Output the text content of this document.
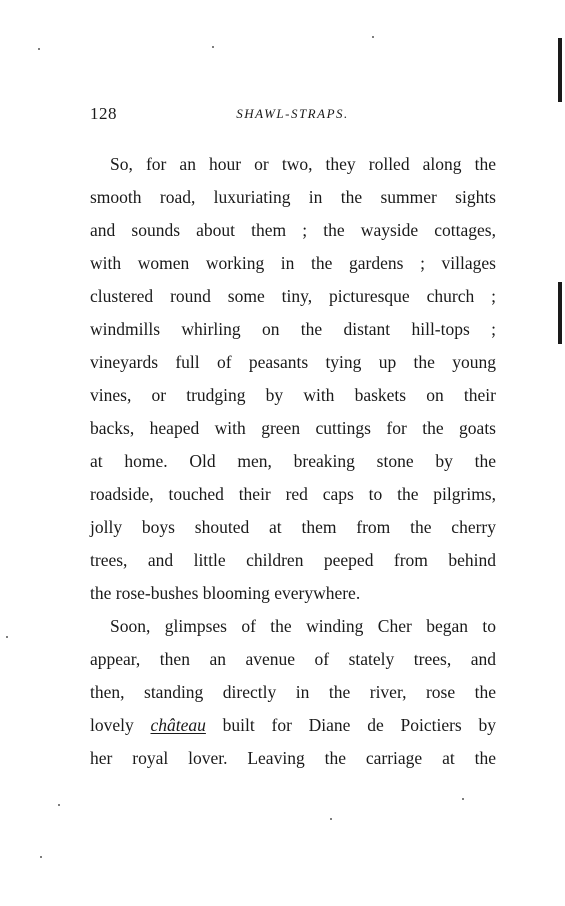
128	SHAWL-STRAPS.
So, for an hour or two, they rolled along the
smooth road, luxuriating in the summer sights
and sounds about them ; the wayside cottages,
with women working in the gardens ; villages
clustered round some tiny, picturesque church ;
windmills whirling on the distant hill-tops ;
vineyards full of peasants tying up the young
vines, or trudging by with baskets on their
backs, heaped with green cuttings for the goats
at home. Old men, breaking stone by the
roadside, touched their red caps to the pilgrims,
jolly boys shouted at them from the cherry
trees, and little children peeped from behind
the rose-bushes blooming everywhere.
Soon, glimpses of the winding Cher began to
appear, then an avenue of stately trees, and
then, standing directly in the river, rose the
lovely château built for Diane de Poictiers by
her royal lover. Leaving the carriage at the
